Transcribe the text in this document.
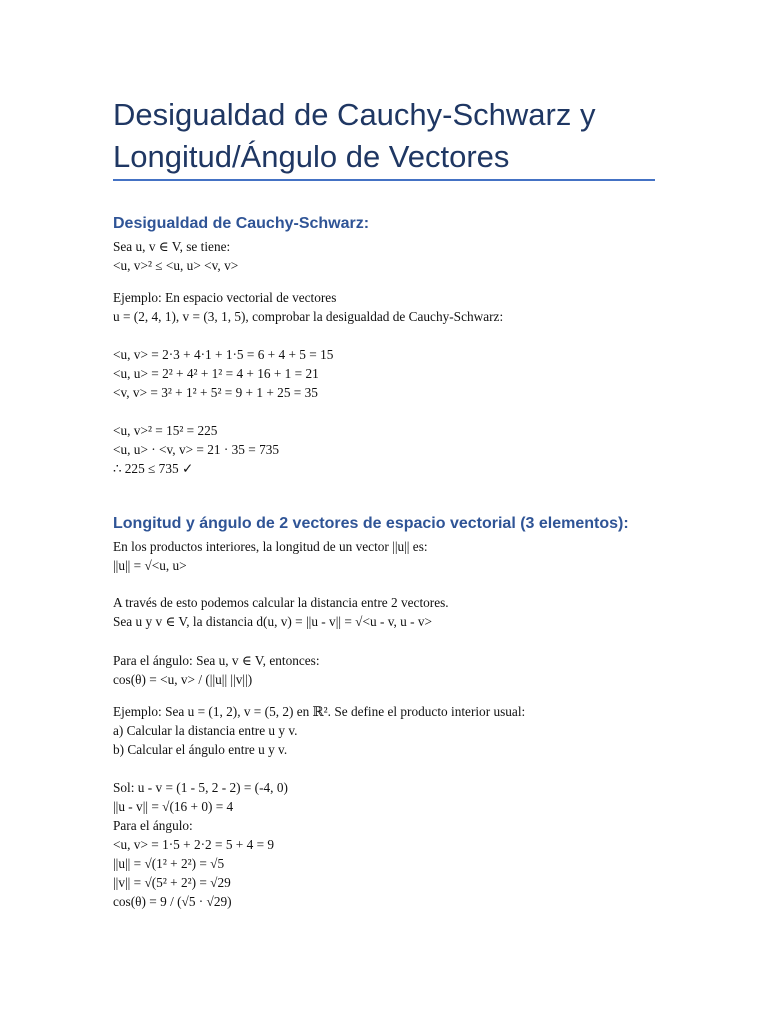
Desigualdad de Cauchy-Schwarz y Longitud/Ángulo de Vectores
Desigualdad de Cauchy-Schwarz:
Sea u, v ∈ V, se tiene:
<u, v>² ≤ <u, u> <v, v>
Ejemplo: En espacio vectorial de vectores
u = (2, 4, 1), v = (3, 1, 5), comprobar la desigualdad de Cauchy-Schwarz:
<u, v> = 2·3 + 4·1 + 1·5 = 6 + 4 + 5 = 15
<u, u> = 2² + 4² + 1² = 4 + 16 + 1 = 21
<v, v> = 3² + 1² + 5² = 9 + 1 + 25 = 35
<u, v>² = 15² = 225
<u, u> · <v, v> = 21 · 35 = 735
∴ 225 ≤ 735 ✓
Longitud y ángulo de 2 vectores de espacio vectorial (3 elementos):
En los productos interiores, la longitud de un vector ||u|| es:
||u|| = √<u, u>
A través de esto podemos calcular la distancia entre 2 vectores.
Sea u y v ∈ V, la distancia d(u, v) = ||u - v|| = √<u - v, u - v>
Para el ángulo: Sea u, v ∈ V, entonces:
cos(θ) = <u, v> / (||u|| ||v||)
Ejemplo: Sea u = (1, 2), v = (5, 2) en ℝ². Se define el producto interior usual:
a) Calcular la distancia entre u y v.
b) Calcular el ángulo entre u y v.
Sol: u - v = (1 - 5, 2 - 2) = (-4, 0)
||u - v|| = √(16 + 0) = 4
Para el ángulo:
<u, v> = 1·5 + 2·2 = 5 + 4 = 9
||u|| = √(1² + 2²) = √5
||v|| = √(5² + 2²) = √29
cos(θ) = 9 / (√5 · √29)
